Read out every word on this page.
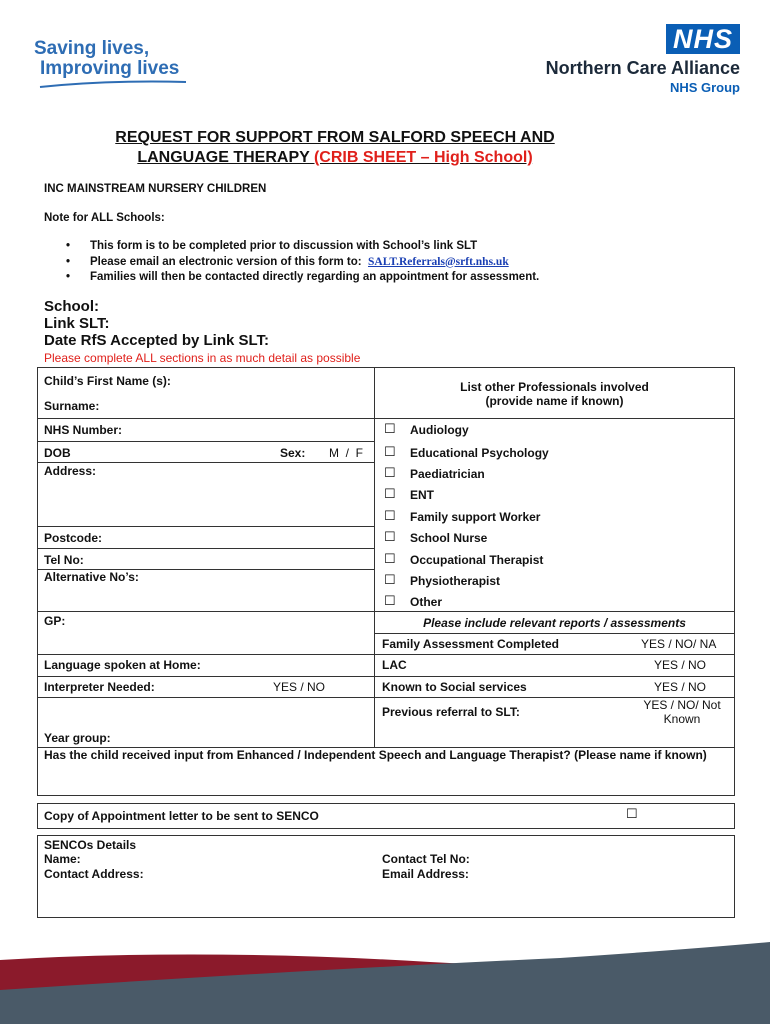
Saving lives,
Improving lives
NHS
Northern Care Alliance
NHS Group
REQUEST FOR SUPPORT FROM SALFORD SPEECH AND
LANGUAGE THERAPY (CRIB SHEET – High School)
INC MAINSTREAM NURSERY CHILDREN
Note for ALL Schools:
• This form is to be completed prior to discussion with School’s link SLT
• Please email an electronic version of this form to: SALT.Referrals@srft.nhs.uk
• Families will then be contacted directly regarding an appointment for assessment.
School:
Link SLT:
Date RfS Accepted by Link SLT:
Please complete ALL sections in as much detail as possible
Child’s First Name (s):
Surname:
NHS Number:
DOB	Sex: M  /  F
Address:
Postcode:
Tel No:
Alternative No’s:
GP:
Language spoken at Home:
Interpreter Needed:	YES / NO
Year group:
List other Professionals involved
(provide name if known)
☐ Audiology
☐ Educational Psychology
☐ Paediatrician
☐ ENT
☐ Family support Worker
☐ School Nurse
☐ Occupational Therapist
☐ Physiotherapist
☐ Other
Please include relevant reports / assessments
Family Assessment Completed	YES / NO/ NA
LAC	YES / NO
Known to Social services	YES / NO
Previous referral to SLT:	YES / NO/ Not
Known
Has the child received input from Enhanced / Independent Speech and Language Therapist? (Please name if known)
Copy of Appointment letter to be sent to SENCO	☐
SENCOs Details
Name:
Contact Address:
Contact Tel No:
Email Address:
